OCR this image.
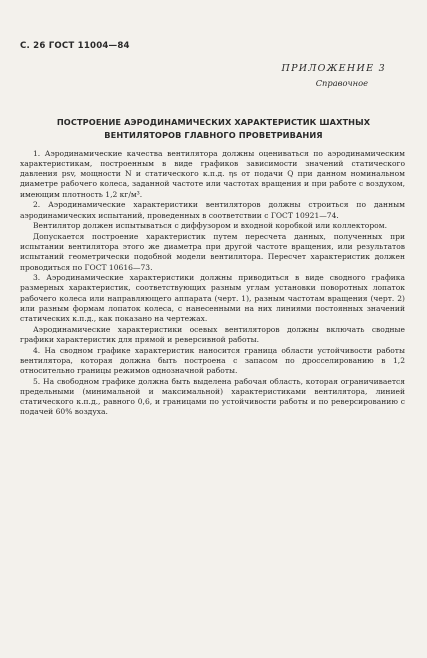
С. 26 ГОСТ 11004—84
ПРИЛОЖЕНИЕ 3
Справочное
ПОСТРОЕНИЕ АЭРОДИНАМИЧЕСКИХ ХАРАКТЕРИСТИК ШАХТНЫХ
ВЕНТИЛЯТОРОВ ГЛАВНОГО ПРОВЕТРИВАНИЯ

1. Аэродинамические качества вентилятора должны оцениваться по аэродинамическим характеристикам, построенным в виде графиков зависимости значений статического давления psv, мощности N и статического к.п.д. ηs от подачи Q при данном номинальном диаметре рабочего колеса, заданной частоте или частотах вращения и при работе с воздухом, имеющим плотность 1,2 кг/м³.

2. Аэродинамические характеристики вентиляторов должны строиться по данным аэродинамических испытаний, проведенных в соответствии с ГОСТ 10921—74.

Вентилятор должен испытываться с диффузором и входной коробкой или коллектором.

Допускается построение характеристик путем пересчета данных, полученных при испытании вентилятора этого же диаметра при другой частоте вращения, или результатов испытаний геометрически подобной модели вентилятора. Пересчет характеристик должен проводиться по ГОСТ 10616—73.

3. Аэродинамические характеристики должны приводиться в виде сводного графика размерных характеристик, соответствующих разным углам установки поворотных лопаток рабочего колеса или направляющего аппарата (черт. 1), разным частотам вращения (черт. 2) или разным формам лопаток колеса, с нанесенными на них линиями постоянных значений статических к.п.д., как показано на чертежах.

Аэродинамические характеристики осевых вентиляторов должны включать сводные графики характеристик для прямой и реверсивной работы.

4. На сводном графике характеристик наносится граница области устойчивости работы вентилятора, которая должна быть построена с запасом по дросселированию в 1,2 относительно границы режимов однозначной работы.

5. На свободном графике должна быть выделена рабочая область, которая ограничивается предельными (минимальной и максимальной) характеристиками вентилятора, линией статического к.п.д., равного 0,6, и границами по устойчивости работы и по реверсированию с подачей 60% воздуха.
